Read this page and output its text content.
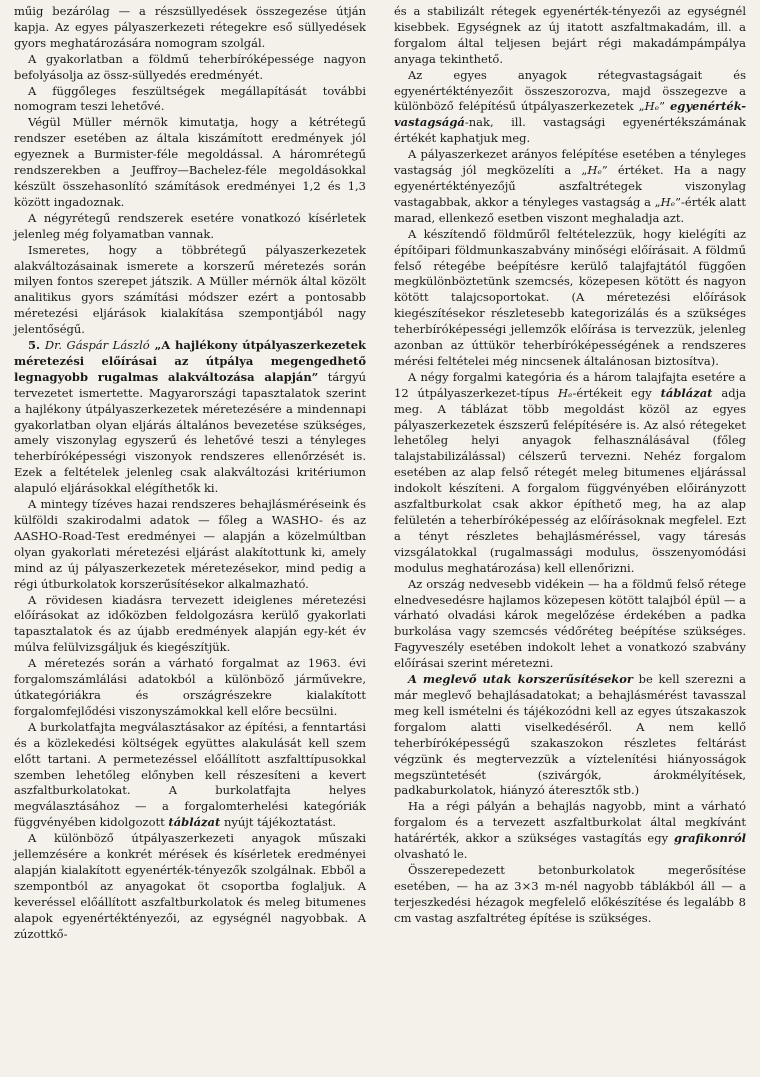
műig bezárólag — a részsüllyedések összegezése útján kapja. Az egyes pályaszerkezeti rétegekre eső süllyedések gyors meghatározására nomogram szolgál.

A gyakorlatban a földmű teherbíróképessége nagyon befolyásolja az össz-süllyedés eredményét.

A függőleges feszültségek megállapítását további nomogram teszi lehetővé.

Végül Müller mérnök kimutatja, hogy a kétrétegű rendszer esetében az általa kiszámított eredmények jól egyeznek a Burmister-féle megoldással. A háromrétegű rendszerekben a Jeuffroy—Bachelez-féle megoldásokkal készült összehasonlító számítások eredményei 1,2 és 1,3 között ingadoznak.

A négyrétegű rendszerek esetére vonatkozó kísérletek jelenleg még folyamatban vannak.

Ismeretes, hogy a többrétegű pályaszerkezetek alakváltozásainak ismerete a korszerű méretezés során milyen fontos szerepet játszik. A Müller mérnök által közölt analitikus gyors számítási módszer ezért a pontosabb méretezési eljárások kialakítása szempontjából nagy jelentőségű.

5. Dr. Gáspár László „A hajlékony útpályaszerkezetek méretezési előírásai az útpálya megengedhető legnagyobb rugalmas alakváltozása alapján” tárgyú tervezetet ismertette. Magyarországi tapasztalatok szerint a hajlékony útpályaszerkezetek méretezésére a mindennapi gyakorlatban olyan eljárás általános bevezetése szükséges, amely viszonylag egyszerű és lehetővé teszi a tényleges teherbíróképességi viszonyok rendszeres ellenőrzését is. Ezek a feltételek jelenleg csak alakváltozási kritériumon alapuló eljárásokkal elégíthetők ki.

A mintegy tízéves hazai rendszeres behajlásméréseink és külföldi szakirodalmi adatok — főleg a WASHO- és az AASHO-Road-Test eredményei — alapján a közelmúltban olyan gyakorlati méretezési eljárást alakítottunk ki, amely mind az új pályaszerkezetek méretezésekor, mind pedig a régi útburkolatok korszerűsítésekor alkalmazható.

A rövidesen kiadásra tervezett ideiglenes méretezési előírásokat az időközben feldolgozásra kerülő gyakorlati tapasztalatok és az újabb eredmények alapján egy-két év múlva felülvizsgáljuk és kiegészítjük.

A méretezés során a várható forgalmat az 1963. évi forgalomszámlálási adatokból a különböző járművekre, útkategóriákra és országrészekre kialakított forgalomfejlődési viszonyszámokkal kell előre becsülni.

A burkolatfajta megválasztásakor az építési, a fenntartási és a közlekedési költségek együttes alakulását kell szem előtt tartani. A permetezéssel előállított aszfalttípusokkal szemben lehetőleg előnyben kell részesíteni a kevert aszfaltburkolatokat. A burkolatfajta helyes megválasztásához — a forgalomterhelési kategóriák függvényében kidolgozott táblázat nyújt tájékoztatást.

A különböző útpályaszerkezeti anyagok műszaki jellemzésére a konkrét mérések és kísérletek eredményei alapján kialakított egyenérték-tényezők szolgálnak. Ebből a szempontból az anyagokat öt csoportba foglaljuk. A keveréssel előállított aszfaltburkolatok és meleg bitumenes alapok egyenértéktényezői, az egységnél nagyobbak. A zúzottkő-

és a stabilizált rétegek egyenérték-tényezői az egységnél kisebbek. Egységnek az új itatott aszfaltmakadám, ill. a forgalom által teljesen bejárt régi makadámpámpálya anyaga tekinthető.

Az egyes anyagok rétegvastagságait és egyenértéktényezőit összeszorozva, majd összegezve a különböző felépítésű útpályaszerkezetek „Hₑ” egyenérték-vastagságá-nak, ill. vastagsági egyenértékszámának értékét kaphatjuk meg.

A pályaszerkezet arányos felépítése esetében a tényleges vastagság jól megközelíti a „Hₑ” értéket. Ha a nagy egyenértéktényezőjű aszfaltrétegek viszonylag vastagabbak, akkor a tényleges vastagság a „Hₑ”-érték alatt marad, ellenkező esetben viszont meghaladja azt.

A készítendő földműről feltételezzük, hogy kielégíti az építőipari földmunkaszabvány minőségi előírásait. A földmű felső rétegébe beépítésre kerülő talajfajtától függően megkülönböztetünk szemcsés, közepesen kötött és nagyon kötött talajcsoportokat. (A méretezési előírások kiegészítésekor részletesebb kategorizálás és a szükséges teherbíróképességi jellemzők előírása is tervezzük, jelenleg azonban az úttükör teherbíróképességének a rendszeres mérési feltételei még nincsenek általánosan biztosítva).

A négy forgalmi kategória és a három talajfajta esetére a 12 útpályaszerkezet-típus Hₑ-értékeit egy táblázat adja meg. A táblázat több megoldást közöl az egyes pályaszerkezetek észszerű felépítésére is. Az alsó rétegeket lehetőleg helyi anyagok felhasználásával (főleg talajstabilizálással) célszerű tervezni. Nehéz forgalom esetében az alap felső rétegét meleg bitumenes eljárással indokolt készíteni. A forgalom függvényében előirányzott aszfaltburkolat csak akkor építhető meg, ha az alap felületén a teherbíróképesség az előírásoknak megfelel. Ezt a tényt részletes behajlásméréssel, vagy táresás vizsgálatokkal (rugalmassági modulus, összenyomódási modulus meghatározása) kell ellenőrizni.

Az ország nedvesebb vidékein — ha a földmű felső rétege elnedvesedésre hajlamos közepesen kötött talajból épül — a várható olvadási károk megelőzése érdekében a padka burkolása vagy szemcsés védőréteg beépítése szükséges. Fagyveszély esetében indokolt lehet a vonatkozó szabvány előírásai szerint méretezni.

A meglevő utak korszerűsítésekor be kell szerezni a már meglevő behajlásadatokat; a behajlásmérést tavasszal meg kell ismételni és tájékozódni kell az egyes útszakaszok forgalom alatti viselkedéséről. A nem kellő teherbíróképességű szakaszokon részletes feltárást végzünk és megtervezzük a víztelenítési hiányosságok megszüntetését (szivárgók, árokmélyítések, padkaburkolatok, hiányzó áteresztők stb.)

Ha a régi pályán a behajlás nagyobb, mint a várható forgalom és a tervezett aszfaltburkolat által megkívánt határérték, akkor a szükséges vastagítás egy grafikonról olvasható le.

Összerepedezett betonburkolatok megerősítése esetében, — ha az 3×3 m-nél nagyobb táblákból áll — a terjeszkedési hézagok megfelelő előkészítése és legalább 8 cm vastag aszfaltréteg építése is szükséges.
